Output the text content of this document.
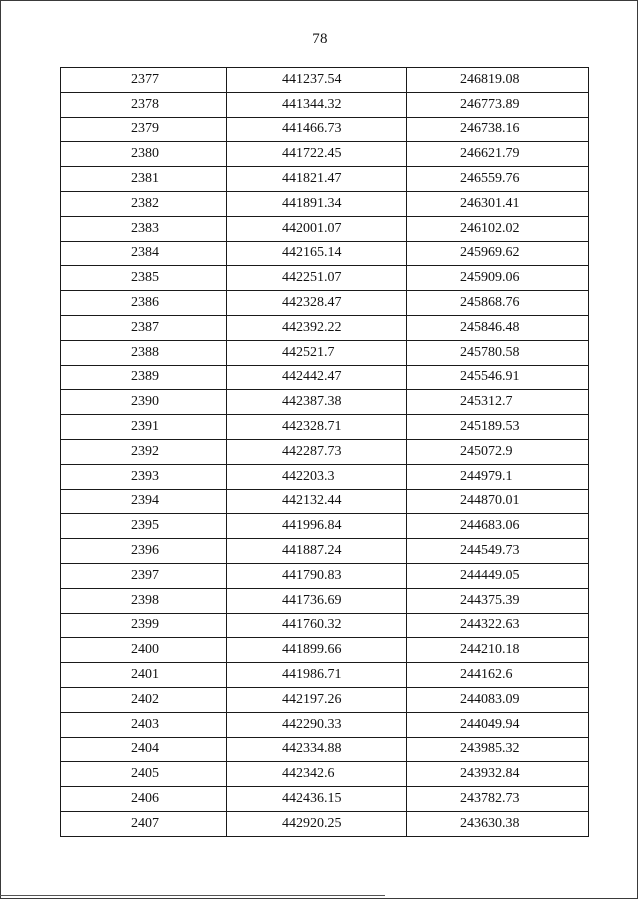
78
2377	441237.54	246819.08
2378	441344.32	246773.89
2379	441466.73	246738.16
2380	441722.45	246621.79
2381	441821.47	246559.76
2382	441891.34	246301.41
2383	442001.07	246102.02
2384	442165.14	245969.62
2385	442251.07	245909.06
2386	442328.47	245868.76
2387	442392.22	245846.48
2388	442521.7	245780.58
2389	442442.47	245546.91
2390	442387.38	245312.7
2391	442328.71	245189.53
2392	442287.73	245072.9
2393	442203.3	244979.1
2394	442132.44	244870.01
2395	441996.84	244683.06
2396	441887.24	244549.73
2397	441790.83	244449.05
2398	441736.69	244375.39
2399	441760.32	244322.63
2400	441899.66	244210.18
2401	441986.71	244162.6
2402	442197.26	244083.09
2403	442290.33	244049.94
2404	442334.88	243985.32
2405	442342.6	243932.84
2406	442436.15	243782.73
2407	442920.25	243630.38
